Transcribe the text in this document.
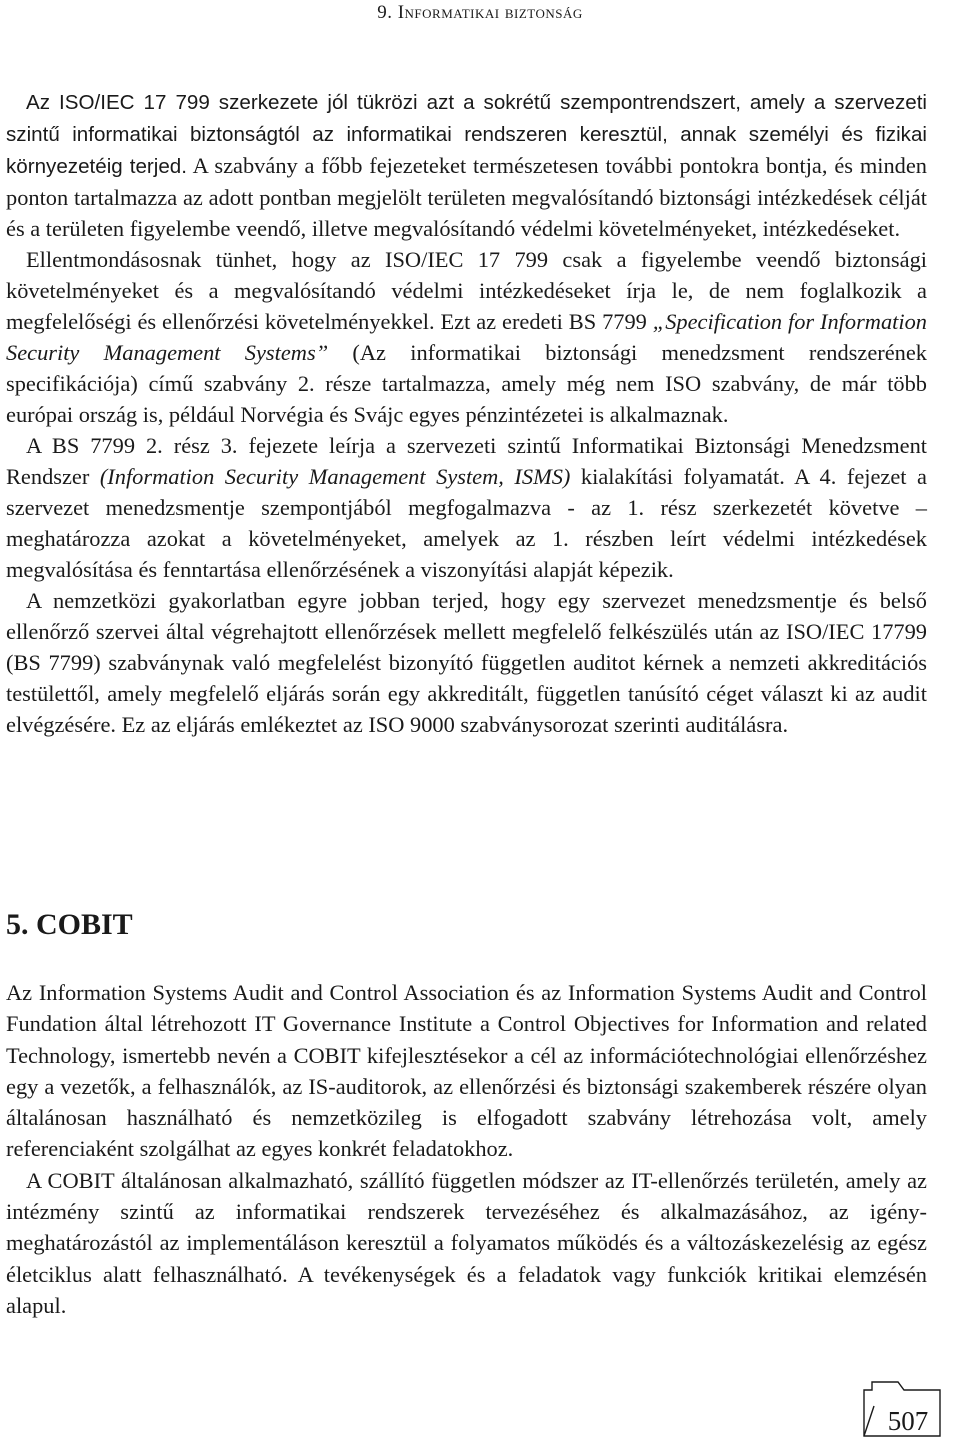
9. Informatikai biztonság

Az ISO/IEC 17 799 szerkezete jól tükrözi azt a sokrétű szempontrendszert, amely a szervezeti szintű informatikai biztonságtól az informatikai rendszeren keresztül, annak személyi és fizikai környezetéig terjed. A szabvány a főbb fejezeteket természetesen további pontokra bontja, és minden ponton tartalmazza az adott pontban megjelölt területen megvalósítandó biztonsági intézkedések célját és a területen figyelembe veendő, illetve megvalósítandó védelmi követelményeket, intézkedéseket.

Ellentmondásosnak tünhet, hogy az ISO/IEC 17 799 csak a figyelembe veendő biztonsági követelményeket és a megvalósítandó védelmi intézkedéseket írja le, de nem foglalkozik a megfelelőségi és ellenőrzési követelményekkel. Ezt az eredeti BS 7799 „Specification for Information Security Management Systems” (Az informatikai biztonsági menedzsment rendszerének specifikációja) című szabvány 2. része tartalmazza, amely még nem ISO szabvány, de már több európai ország is, például Norvégia és Svájc egyes pénzintézetei is alkalmaznak.

A BS 7799 2. rész 3. fejezete leírja a szervezeti szintű Informatikai Biztonsági Menedzsment Rendszer (Information Security Management System, ISMS) kialakítási folyamatát. A 4. fejezet a szervezet menedzsmentje szempontjából megfogalmazva - az 1. rész szerkezetét követve – meghatározza azokat a követelményeket, amelyek az 1. részben leírt védelmi intézkedések megvalósítása és fenntartása ellenőrzésének a viszonyítási alapját képezik.

A nemzetközi gyakorlatban egyre jobban terjed, hogy egy szervezet menedzsmentje és belső ellenőrző szervei által végrehajtott ellenőrzések mellett megfelelő felkészülés után az ISO/IEC 17799 (BS 7799) szabványnak való megfelelést bizonyító független auditot kérnek a nemzeti akkreditációs testülettől, amely megfelelő eljárás során egy akkreditált, független tanúsító céget választ ki az audit elvégzésére. Ez az eljárás emlékeztet az ISO 9000 szabványsorozat szerinti auditálásra.

5. COBIT

Az Information Systems Audit and Control Association és az Information Systems Audit and Control Fundation által létrehozott IT Governance Institute a Control Objectives for Information and related Technology, ismertebb nevén a COBIT kifejlesztésekor a cél az információtechnológiai ellenőrzéshez egy a vezetők, a felhasználók, az IS-auditorok, az ellenőrzési és biztonsági szakemberek részére olyan általánosan használható és nemzetközileg is elfogadott szabvány létrehozása volt, amely referenciaként szolgálhat az egyes konkrét feladatokhoz.

A COBIT általánosan alkalmazható, szállító független módszer az IT-ellenőrzés területén, amely az intézmény szintű az informatikai rendszerek tervezéséhez és alkalmazásához, az igény-meghatározástól az implementáláson keresztül a folyamatos működés és a változáskezelésig az egész életciklus alatt felhasználható. A tevékenységek és a feladatok vagy funkciók kritikai elemzésén alapul.

507
